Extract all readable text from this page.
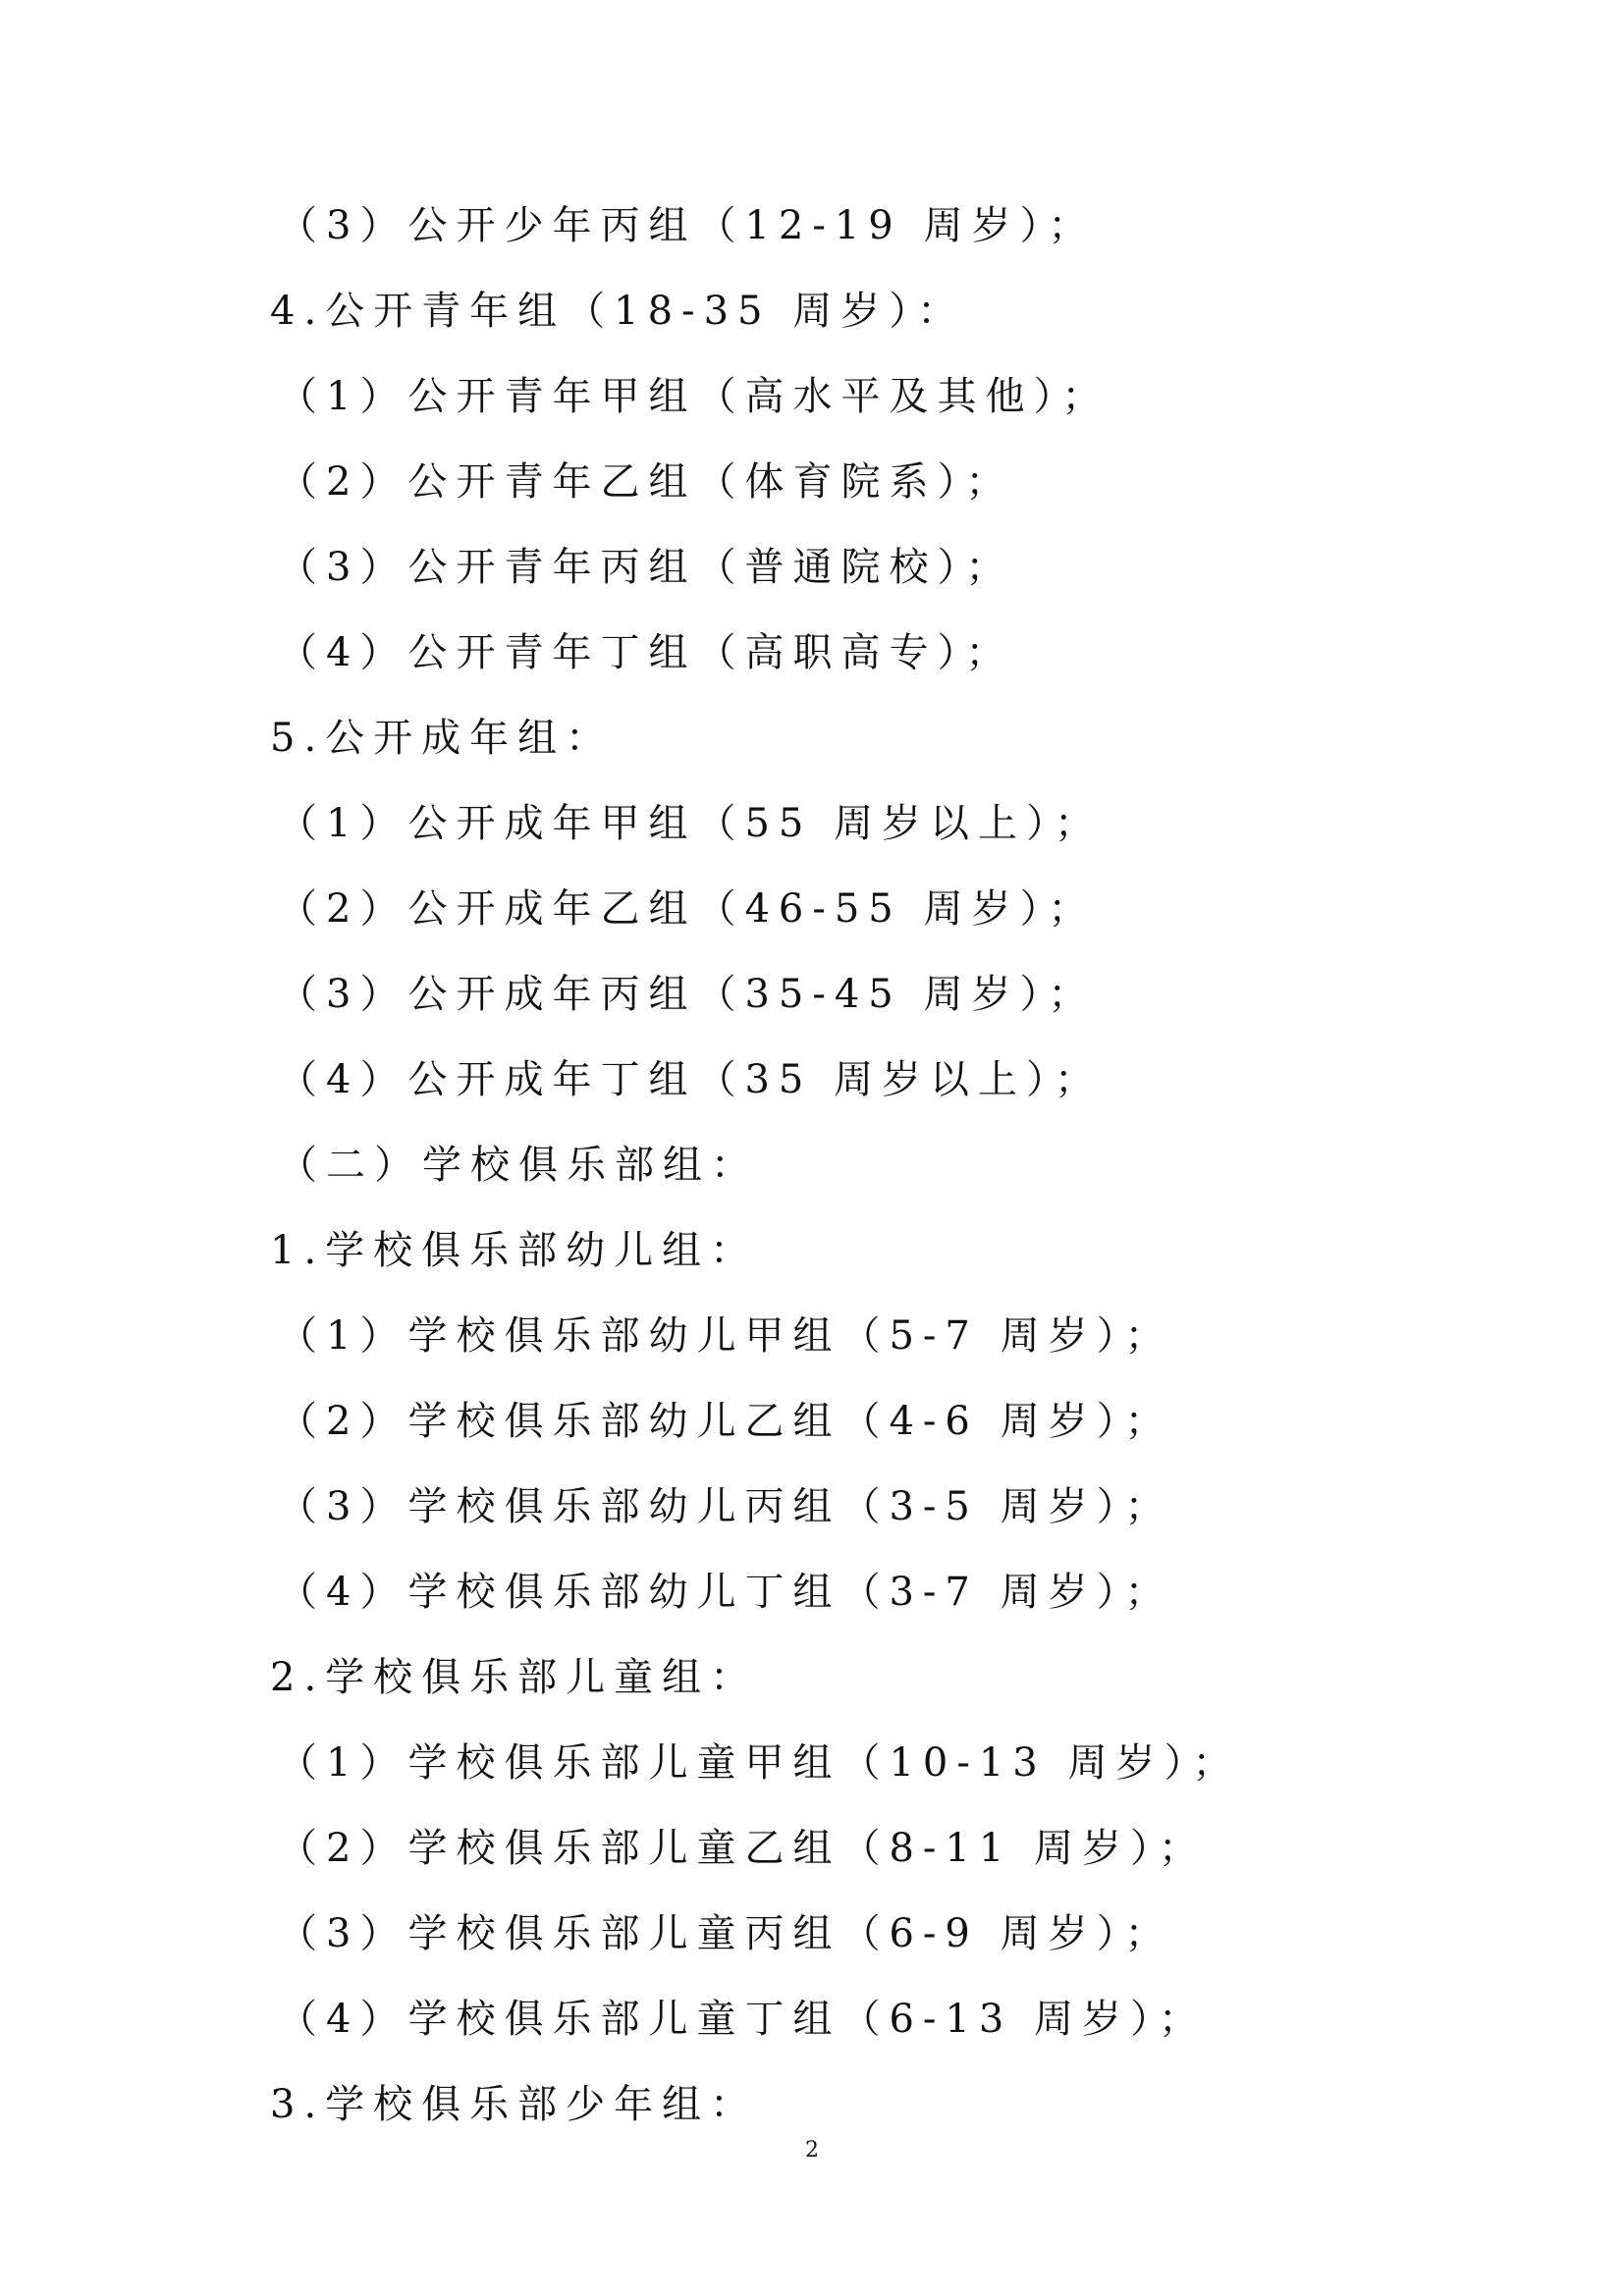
（3）公开少年丙组（12-19 周岁）；
4.公开青年组（18-35 周岁）：
（1）公开青年甲组（高水平及其他）；
（2）公开青年乙组（体育院系）；
（3）公开青年丙组（普通院校）；
（4）公开青年丁组（高职高专）；
5.公开成年组：
（1）公开成年甲组（55 周岁以上）；
（2）公开成年乙组（46-55 周岁）；
（3）公开成年丙组（35-45 周岁）；
（4）公开成年丁组（35 周岁以上）；
（二）学校俱乐部组：
1.学校俱乐部幼儿组：
（1）学校俱乐部幼儿甲组（5-7 周岁）；
（2）学校俱乐部幼儿乙组（4-6 周岁）；
（3）学校俱乐部幼儿丙组（3-5 周岁）；
（4）学校俱乐部幼儿丁组（3-7 周岁）；
2.学校俱乐部儿童组：
（1）学校俱乐部儿童甲组（10-13 周岁）；
（2）学校俱乐部儿童乙组（8-11 周岁）；
（3）学校俱乐部儿童丙组（6-9 周岁）；
（4）学校俱乐部儿童丁组（6-13 周岁）；
3.学校俱乐部少年组：
2
